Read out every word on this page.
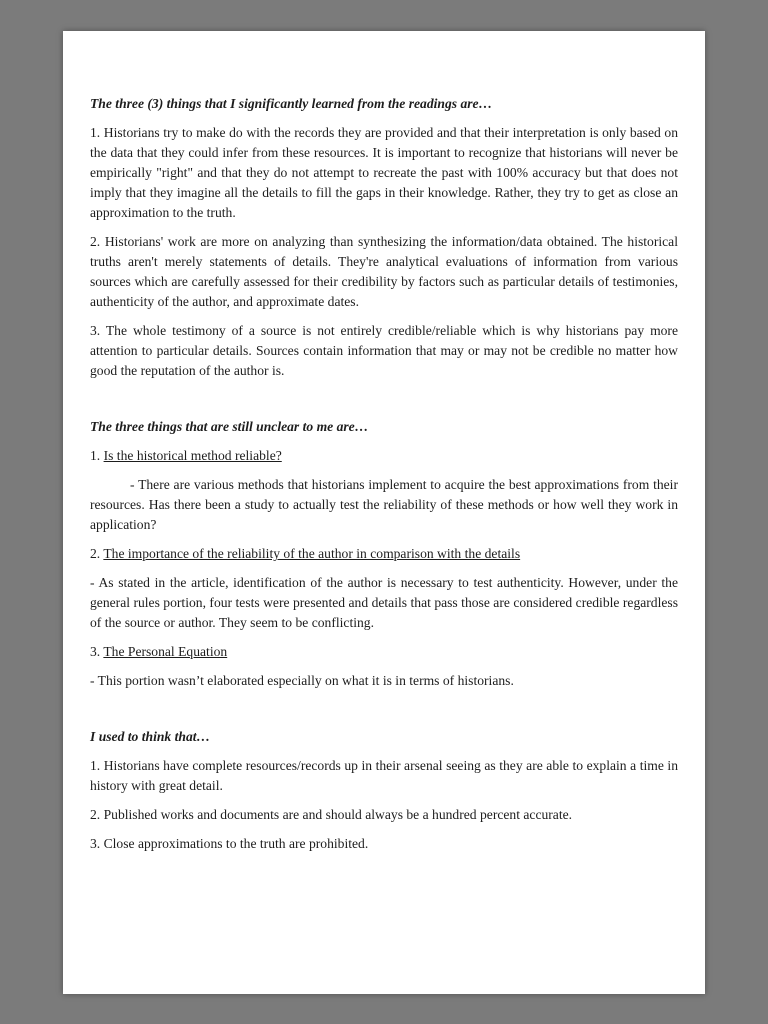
The three (3) things that I significantly learned from the readings are…

1. Historians try to make do with the records they are provided and that their interpretation is only based on the data that they could infer from these resources. It is important to recognize that historians will never be empirically "right" and that they do not attempt to recreate the past with 100% accuracy but that does not imply that they imagine all the details to fill the gaps in their knowledge. Rather, they try to get as close an approximation to the truth.

2. Historians' work are more on analyzing than synthesizing the information/data obtained. The historical truths aren't merely statements of details. They're analytical evaluations of information from various sources which are carefully assessed for their credibility by factors such as particular details of testimonies, authenticity of the author, and approximate dates.

3. The whole testimony of a source is not entirely credible/reliable which is why historians pay more attention to particular details. Sources contain information that may or may not be credible no matter how good the reputation of the author is.

The three things that are still unclear to me are…

1. Is the historical method reliable?

- There are various methods that historians implement to acquire the best approximations from their resources. Has there been a study to actually test the reliability of these methods or how well they work in application?

2. The importance of the reliability of the author in comparison with the details

- As stated in the article, identification of the author is necessary to test authenticity. However, under the general rules portion, four tests were presented and details that pass those are considered credible regardless of the source or author. They seem to be conflicting.

3. The Personal Equation

- This portion wasn’t elaborated especially on what it is in terms of historians.

I used to think that…

1. Historians have complete resources/records up in their arsenal seeing as they are able to explain a time in history with great detail.

2. Published works and documents are and should always be a hundred percent accurate.

3. Close approximations to the truth are prohibited.
